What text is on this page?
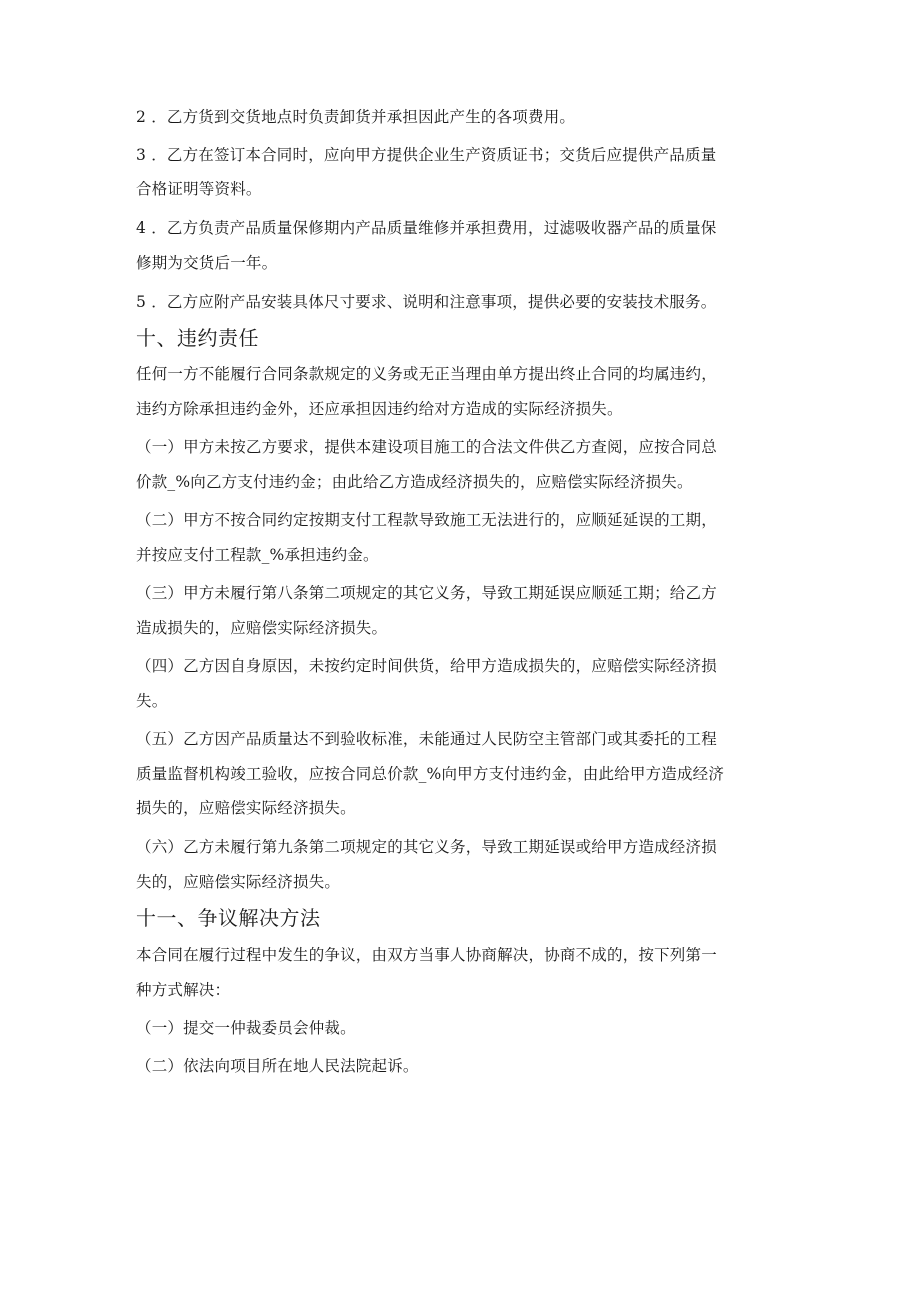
2 ．乙方货到交货地点时负责卸货并承担因此产生的各项费用。
3 ．乙方在签订本合同时，应向甲方提供企业生产资质证书；交货后应提供产品质量
合格证明等资料。
4 ．乙方负责产品质量保修期内产品质量维修并承担费用，过滤吸收器产品的质量保
修期为交货后一年。
5 ．乙方应附产品安装具体尺寸要求、说明和注意事项，提供必要的安装技术服务。
十、违约责任
任何一方不能履行合同条款规定的义务或无正当理由单方提出终止合同的均属违约，
违约方除承担违约金外，还应承担因违约给对方造成的实际经济损失。
（一）甲方未按乙方要求，提供本建设项目施工的合法文件供乙方查阅，应按合同总
价款_%向乙方支付违约金；由此给乙方造成经济损失的，应赔偿实际经济损失。
（二）甲方不按合同约定按期支付工程款导致施工无法进行的，应顺延延误的工期，
并按应支付工程款_%承担违约金。
（三）甲方未履行第八条第二项规定的其它义务，导致工期延误应顺延工期；给乙方
造成损失的，应赔偿实际经济损失。
（四）乙方因自身原因，未按约定时间供货，给甲方造成损失的，应赔偿实际经济损
失。
（五）乙方因产品质量达不到验收标准，未能通过人民防空主管部门或其委托的工程
质量监督机构竣工验收，应按合同总价款_%向甲方支付违约金，由此给甲方造成经济
损失的，应赔偿实际经济损失。
（六）乙方未履行第九条第二项规定的其它义务，导致工期延误或给甲方造成经济损
失的，应赔偿实际经济损失。
十一、争议解决方法
本合同在履行过程中发生的争议，由双方当事人协商解决，协商不成的，按下列第一
种方式解决：
（一）提交一仲裁委员会仲裁。
（二）依法向项目所在地人民法院起诉。
